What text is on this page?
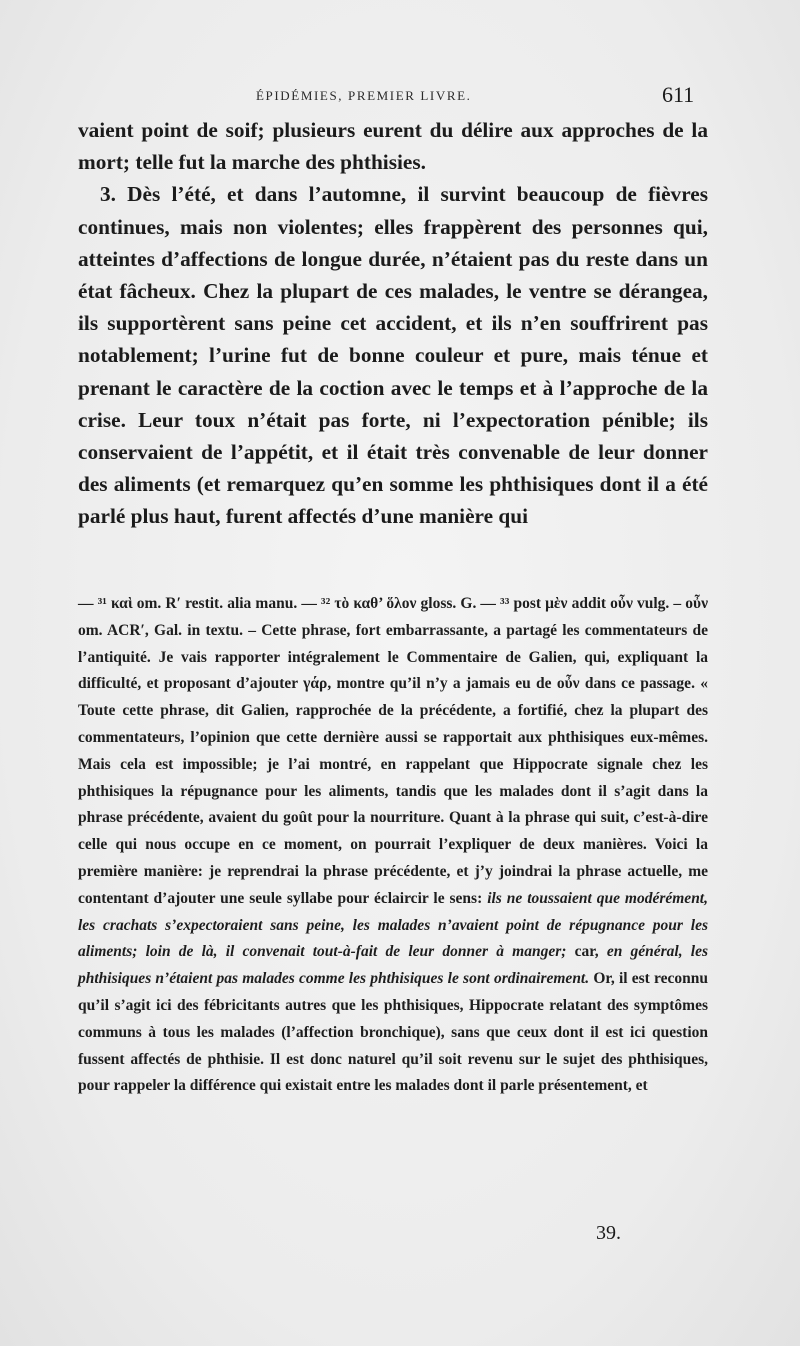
ÉPIDÉMIES, PREMIER LIVRE.	611

vaient point de soif; plusieurs eurent du délire aux approches de la mort; telle fut la marche des phthisies.

3. Dès l’été, et dans l’automne, il survint beaucoup de fièvres continues, mais non violentes; elles frappèrent des personnes qui, atteintes d’affections de longue durée, n’étaient pas du reste dans un état fâcheux. Chez la plupart de ces malades, le ventre se dérangea, ils supportèrent sans peine cet accident, et ils n’en souffrirent pas notablement; l’urine fut de bonne couleur et pure, mais ténue et prenant le caractère de la coction avec le temps et à l’approche de la crise. Leur toux n’était pas forte, ni l’expectoration pénible; ils conservaient de l’appétit, et il était très convenable de leur donner des aliments (et remarquez qu’en somme les phthisiques dont il a été parlé plus haut, furent affectés d’une manière qui

— ³¹ καὶ om. R′ restit. alia manu. — ³² τὸ καθ’ ὅλον gloss. G. — ³³ post μὲν addit οὖν vulg. – οὖν om. ACR′, Gal. in textu. – Cette phrase, fort embarrassante, a partagé les commentateurs de l’antiquité. Je vais rapporter intégralement le Commentaire de Galien, qui, expliquant la difficulté, et proposant d’ajouter γάρ, montre qu’il n’y a jamais eu de οὖν dans ce passage. « Toute cette phrase, dit Galien, rapprochée de la précédente, a fortifié, chez la plupart des commentateurs, l’opinion que cette dernière aussi se rapportait aux phthisiques eux-mêmes. Mais cela est impossible; je l’ai montré, en rappelant que Hippocrate signale chez les phthisiques la répugnance pour les aliments, tandis que les malades dont il s’agit dans la phrase précédente, avaient du goût pour la nourriture. Quant à la phrase qui suit, c’est-à-dire celle qui nous occupe en ce moment, on pourrait l’expliquer de deux manières. Voici la première manière: je reprendrai la phrase précédente, et j’y joindrai la phrase actuelle, me contentant d’ajouter une seule syllabe pour éclaircir le sens: ils ne toussaient que modérément, les crachats s’expectoraient sans peine, les malades n’avaient point de répugnance pour les aliments; loin de là, il convenait tout-à-fait de leur donner à manger; car, en général, les phthisiques n’étaient pas malades comme les phthisiques le sont ordinairement. Or, il est reconnu qu’il s’agit ici des fébricitants autres que les phthisiques, Hippocrate relatant des symptômes communs à tous les malades (l’affection bronchique), sans que ceux dont il est ici question fussent affectés de phthisie. Il est donc naturel qu’il soit revenu sur le sujet des phthisiques, pour rappeler la différence qui existait entre les malades dont il parle présentement, et

39.
